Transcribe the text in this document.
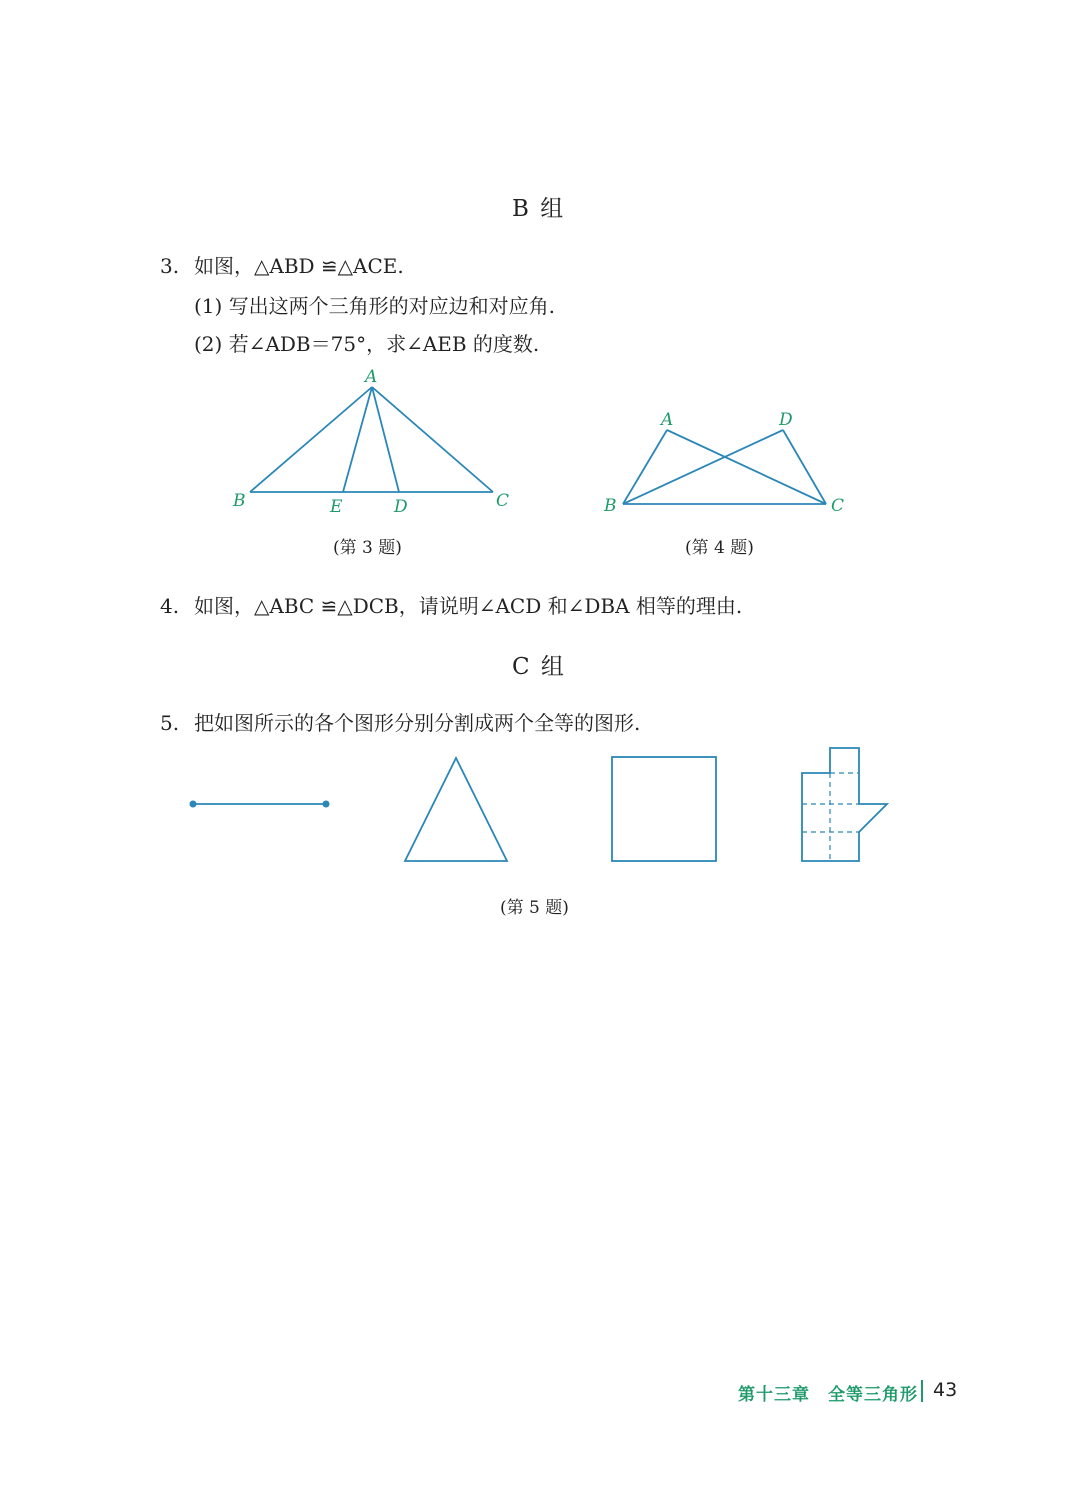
B 组
3. 如图，△ABD ≌△ACE.
(1) 写出这两个三角形的对应边和对应角.
(2) 若∠ADB＝75°，求∠AEB 的度数.
A
B	E	D	C
(第 3 题)
A	D
B	C
(第 4 题)
4. 如图，△ABC ≌△DCB，请说明∠ACD 和∠DBA 相等的理由.
C 组
5. 把如图所示的各个图形分别分割成两个全等的图形.
(第 5 题)
第十三章　全等三角形 43
